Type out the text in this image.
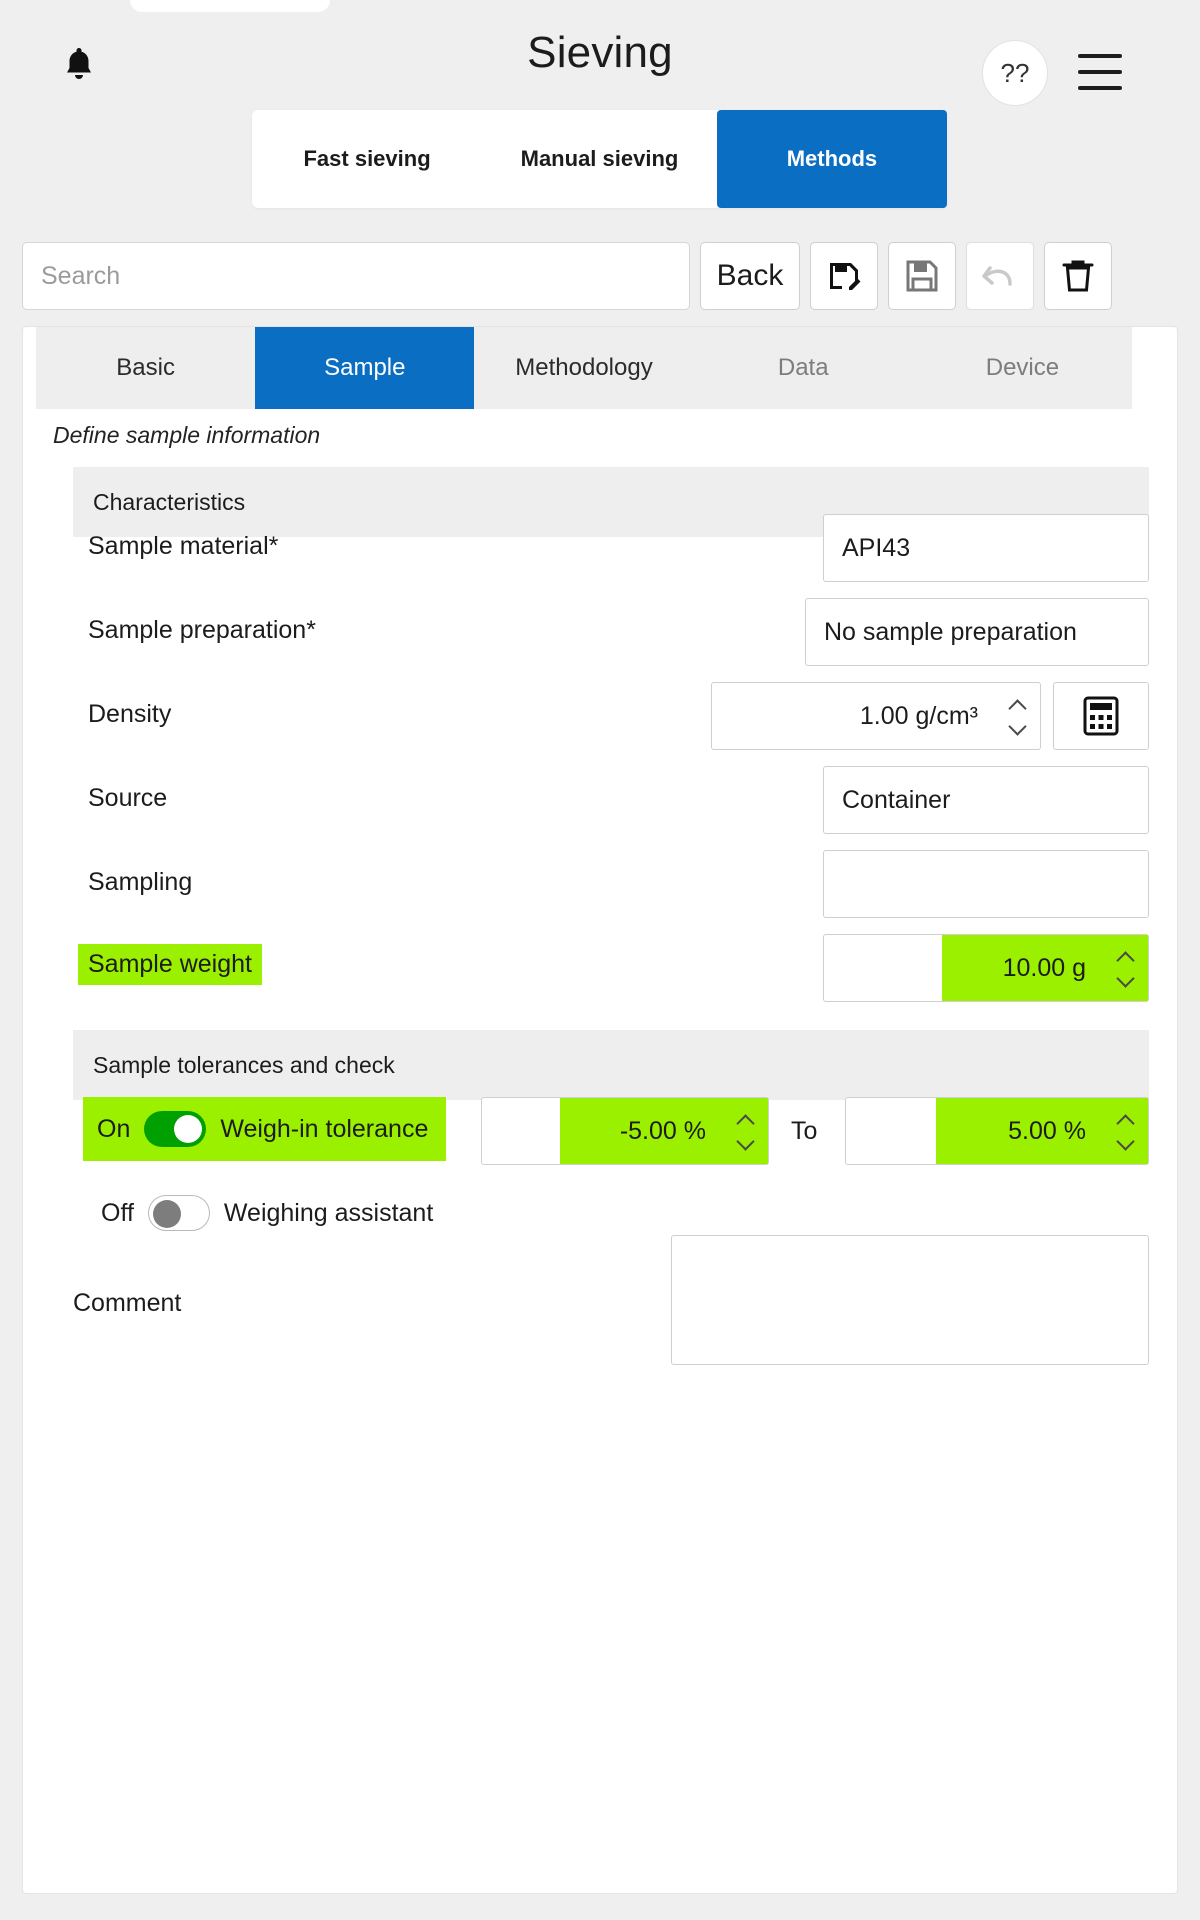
Sieving	??
Fast sieving	Manual sieving	Methods
Search
Back
Basic	Sample	Methodology	Data	Device
Define sample information
Characteristics
Sample material*	API43
Sample preparation*	No sample preparation
Density	1.00 g/cm³
Source	Container
Sampling
Sample weight	10.00 g
Sample tolerances and check
On	Weigh-in tolerance	-5.00 %	To	5.00 %
Off	Weighing assistant
Comment
